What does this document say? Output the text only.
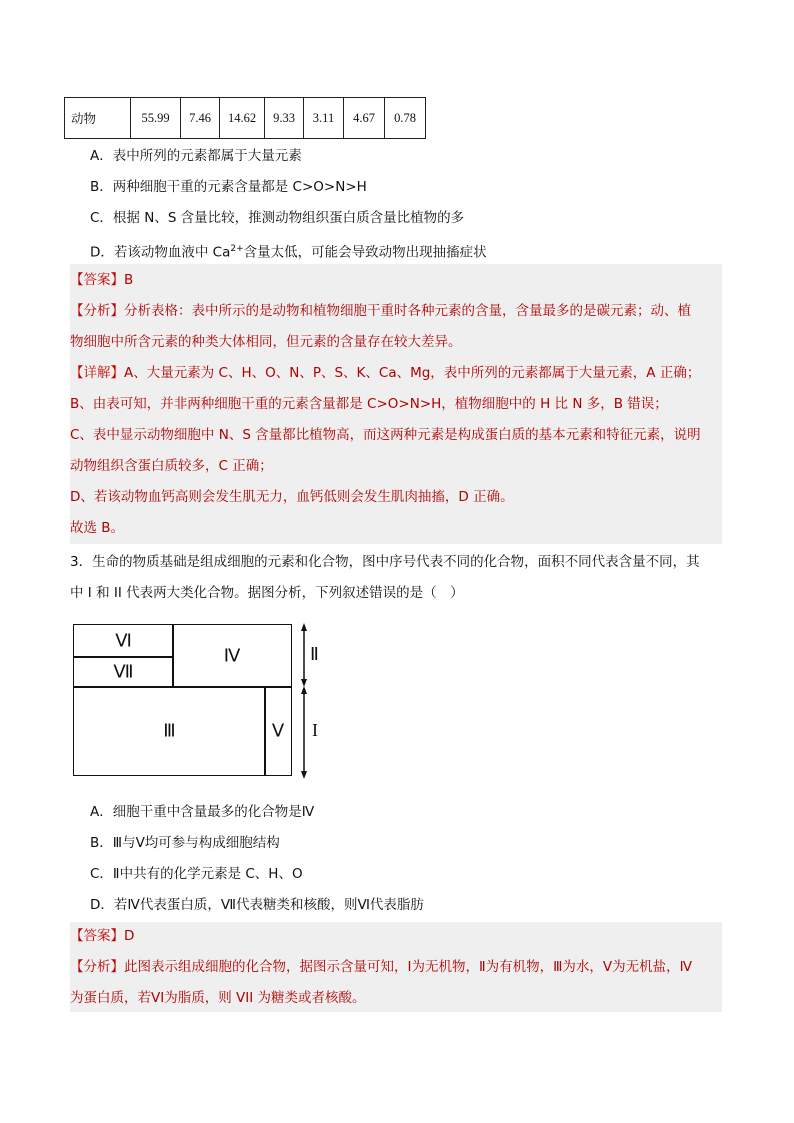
动物	55.99	7.46	14.62	9.33	3.11	4.67	0.78
A．表中所列的元素都属于大量元素
B．两种细胞干重的元素含量都是 C>O>N>H
C．根据 N、S 含量比较，推测动物组织蛋白质含量比植物的多
D．若该动物血液中 $Ca^{2+}$含量太低，可能会导致动物出现抽搐症状
【答案】B
【分析】分析表格：表中所示的是动物和植物细胞干重时各种元素的含量，含量最多的是碳元素；动、植
物细胞中所含元素的种类大体相同，但元素的含量存在较大差异。
【详解】A、大量元素为 C、H、O、N、P、S、K、Ca、Mg，表中所列的元素都属于大量元素，A 正确；
B、由表可知，并非两种细胞干重的元素含量都是 C>O>N>H，植物细胞中的 H 比 N 多，B 错误；
C、表中显示动物细胞中 N、S 含量都比植物高，而这两种元素是构成蛋白质的基本元素和特征元素，说明
动物组织含蛋白质较多，C 正确；
D、若该动物血钙高则会发生肌无力，血钙低则会发生肌肉抽搐，D 正确。
故选 B。
3．生命的物质基础是组成细胞的元素和化合物，图中序号代表不同的化合物，面积不同代表含量不同，其
中 I 和 II 代表两大类化合物。据图分析，下列叙述错误的是（　）
Ⅵ
Ⅶ
Ⅳ
Ⅲ	Ⅴ
Ⅱ
I
A．细胞干重中含量最多的化合物是Ⅳ
B．Ⅲ与Ⅴ均可参与构成细胞结构
C．Ⅱ中共有的化学元素是 C、H、O
D．若Ⅳ代表蛋白质，Ⅶ代表糖类和核酸，则Ⅵ代表脂肪
【答案】D
【分析】此图表示组成细胞的化合物，据图示含量可知，Ⅰ为无机物，Ⅱ为有机物，Ⅲ为水，Ⅴ为无机盐，Ⅳ
为蛋白质，若VI为脂质，则 VII 为糖类或者核酸。
